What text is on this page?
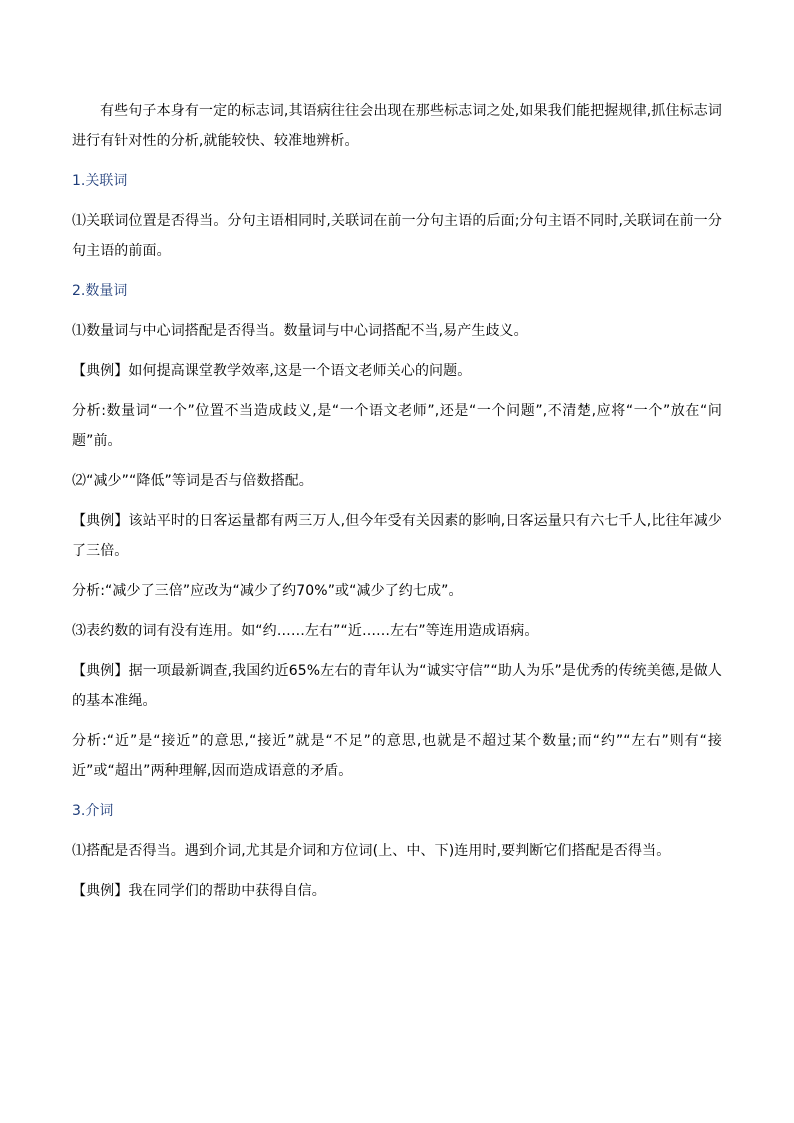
有些句子本身有一定的标志词,其语病往往会出现在那些标志词之处,如果我们能把握规律,抓住标志词进行有针对性的分析,就能较快、较准地辨析。

1.关联词

⑴关联词位置是否得当。分句主语相同时,关联词在前一分句主语的后面;分句主语不同时,关联词在前一分句主语的前面。

2.数量词

⑴数量词与中心词搭配是否得当。数量词与中心词搭配不当,易产生歧义。

【典例】如何提高课堂教学效率,这是一个语文老师关心的问题。

分析:数量词“一个”位置不当造成歧义,是“一个语文老师”,还是“一个问题”,不清楚,应将“一个”放在“问题”前。

⑵“减少”“降低”等词是否与倍数搭配。

【典例】该站平时的日客运量都有两三万人,但今年受有关因素的影响,日客运量只有六七千人,比往年减少了三倍。

分析:“减少了三倍”应改为“减少了约70%”或“减少了约七成”。

⑶表约数的词有没有连用。如“约……左右”“近……左右”等连用造成语病。

【典例】据一项最新调查,我国约近65%左右的青年认为“诚实守信”“助人为乐”是优秀的传统美德,是做人的基本准绳。

分析:“近”是“接近”的意思,“接近”就是“不足”的意思,也就是不超过某个数量;而“约”“左右”则有“接近”或“超出”两种理解,因而造成语意的矛盾。

3.介词

⑴搭配是否得当。遇到介词,尤其是介词和方位词(上、中、下)连用时,要判断它们搭配是否得当。

【典例】我在同学们的帮助中获得自信。
